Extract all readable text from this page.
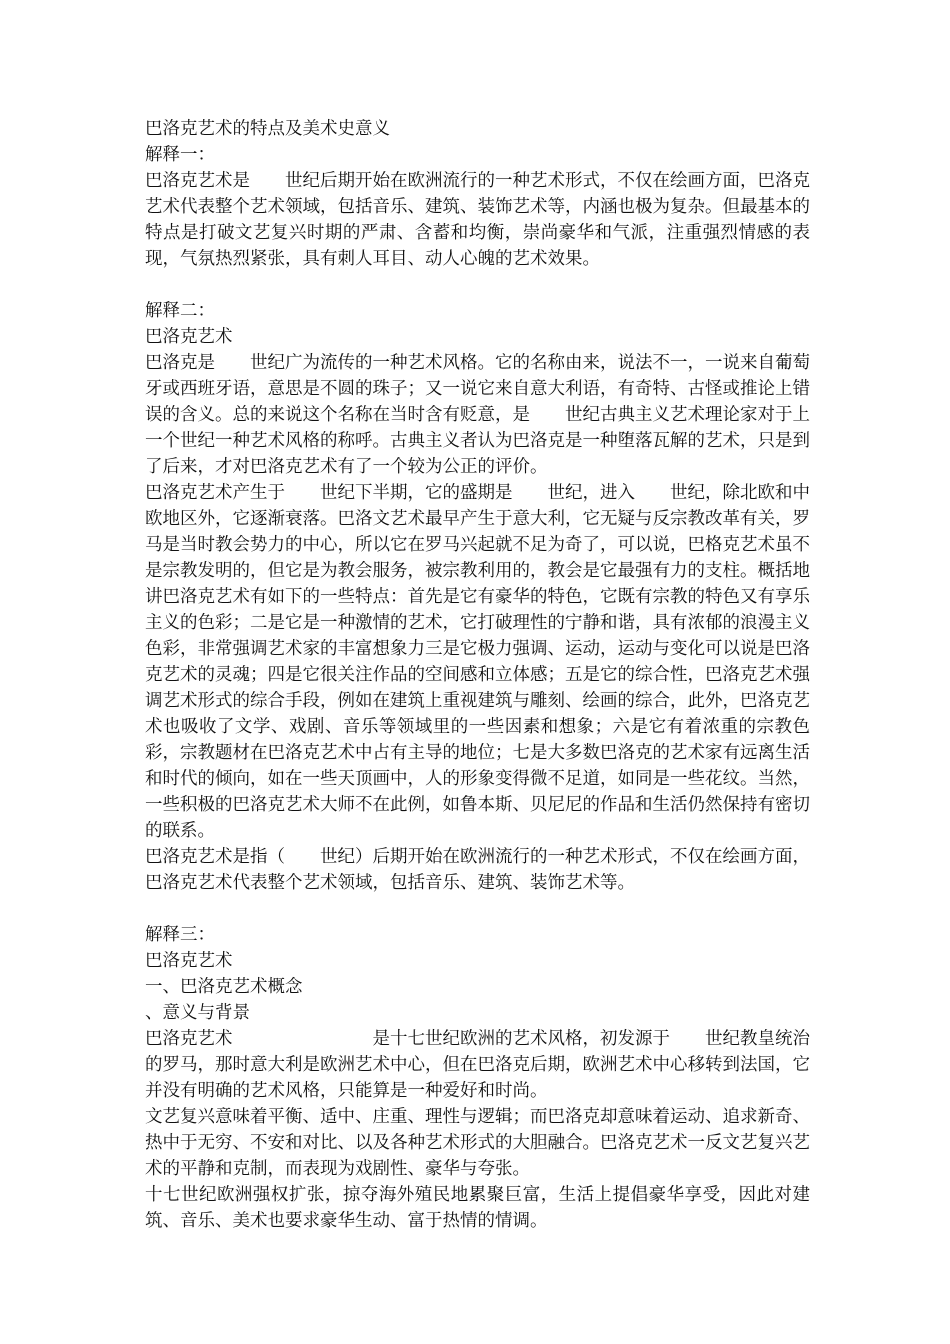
巴洛克艺术的特点及美术史意义

解释一：

巴洛克艺术是　　世纪后期开始在欧洲流行的一种艺术形式，不仅在绘画方面，巴洛克艺术代表整个艺术领域，包括音乐、建筑、装饰艺术等，内涵也极为复杂。但最基本的特点是打破文艺复兴时期的严肃、含蓄和均衡，崇尚豪华和气派，注重强烈情感的表现，气氛热烈紧张，具有刺人耳目、动人心魄的艺术效果。

解释二：

巴洛克艺术

巴洛克是　　世纪广为流传的一种艺术风格。它的名称由来，说法不一，一说来自葡萄牙或西班牙语，意思是不圆的珠子；又一说它来自意大利语，有奇特、古怪或推论上错误的含义。总的来说这个名称在当时含有贬意，是　　世纪古典主义艺术理论家对于上一个世纪一种艺术风格的称呼。古典主义者认为巴洛克是一种堕落瓦解的艺术，只是到了后来，才对巴洛克艺术有了一个较为公正的评价。

巴洛克艺术产生于　　世纪下半期，它的盛期是　　世纪，进入　　世纪，除北欧和中欧地区外，它逐渐衰落。巴洛文艺术最早产生于意大利，它无疑与反宗教改革有关，罗马是当时教会势力的中心，所以它在罗马兴起就不足为奇了，可以说，巴格克艺术虽不是宗教发明的，但它是为教会服务，被宗教利用的，教会是它最强有力的支柱。概括地讲巴洛克艺术有如下的一些特点：首先是它有豪华的特色，它既有宗教的特色又有享乐主义的色彩；二是它是一种激情的艺术，它打破理性的宁静和谐，具有浓郁的浪漫主义色彩，非常强调艺术家的丰富想象力三是它极力强调、运动，运动与变化可以说是巴洛克艺术的灵魂；四是它很关注作品的空间感和立体感；五是它的综合性，巴洛克艺术强调艺术形式的综合手段，例如在建筑上重视建筑与雕刻、绘画的综合，此外，巴洛克艺术也吸收了文学、戏剧、音乐等领域里的一些因素和想象；六是它有着浓重的宗教色彩，宗教题材在巴洛克艺术中占有主导的地位；七是大多数巴洛克的艺术家有远离生活和时代的倾向，如在一些天顶画中，人的形象变得微不足道，如同是一些花纹。当然，一些积极的巴洛克艺术大师不在此例，如鲁本斯、贝尼尼的作品和生活仍然保持有密切的联系。

巴洛克艺术是指（　　世纪）后期开始在欧洲流行的一种艺术形式，不仅在绘画方面，巴洛克艺术代表整个艺术领域，包括音乐、建筑、装饰艺术等。

解释三：

巴洛克艺术

一、巴洛克艺术概念

、意义与背景

巴洛克艺术　　　　　　　　是十七世纪欧洲的艺术风格，初发源于　　世纪教皇统治的罗马，那时意大利是欧洲艺术中心，但在巴洛克后期，欧洲艺术中心移转到法国，它并没有明确的艺术风格，只能算是一种爱好和时尚。

文艺复兴意味着平衡、适中、庄重、理性与逻辑；而巴洛克却意味着运动、追求新奇、热中于无穷、不安和对比、以及各种艺术形式的大胆融合。巴洛克艺术一反文艺复兴艺术的平静和克制，而表现为戏剧性、豪华与夸张。

十七世纪欧洲强权扩张，掠夺海外殖民地累聚巨富，生活上提倡豪华享受，因此对建筑、音乐、美术也要求豪华生动、富于热情的情调。
